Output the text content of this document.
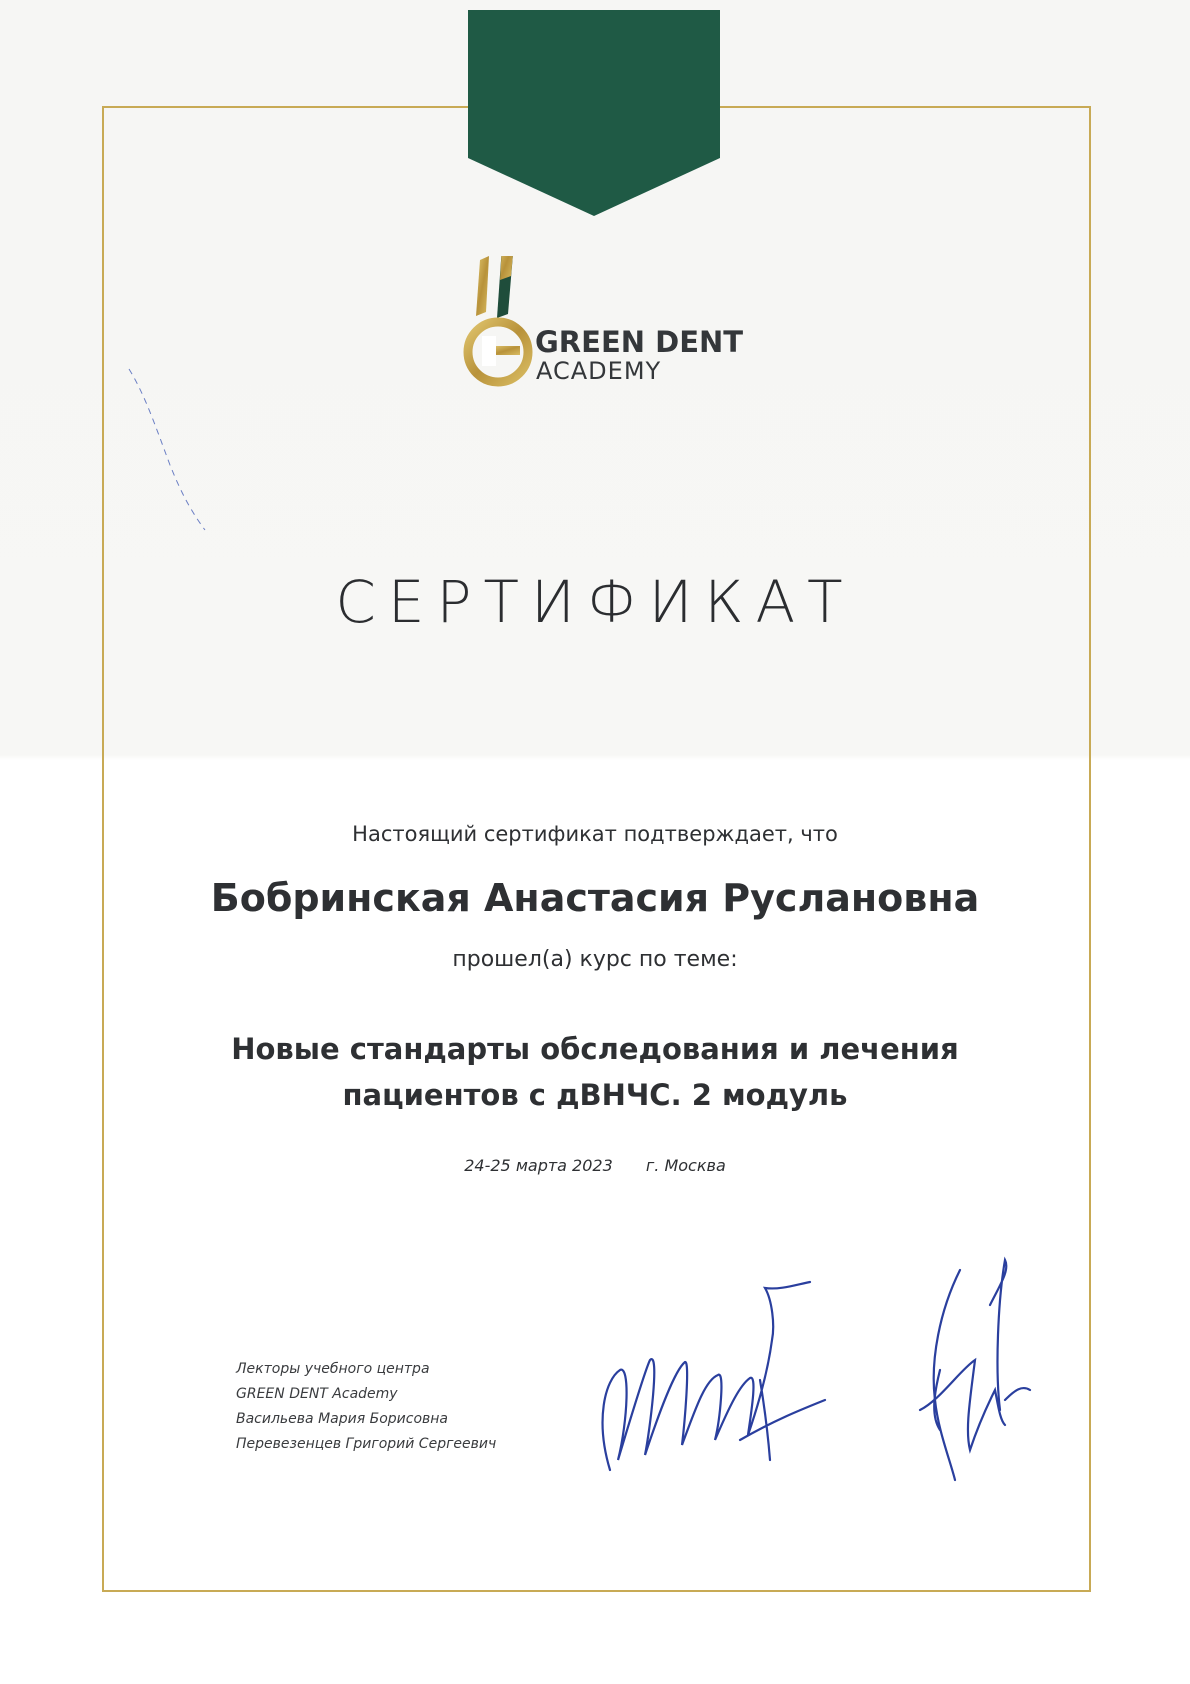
GREEN DENT
ACADEMY
СЕРТИФИКАТ
Настоящий сертификат подтверждает, что
Бобринская Анастасия Руслановна
прошел(а) курс по теме:
Новые стандарты обследования и лечения пациентов с дВНЧС. 2 модуль
24-25 марта 2023 г. Москва
Лекторы учебного центра
GREEN DENT Academy
Васильева Мария Борисовна
Перевезенцев Григорий Сергеевич
